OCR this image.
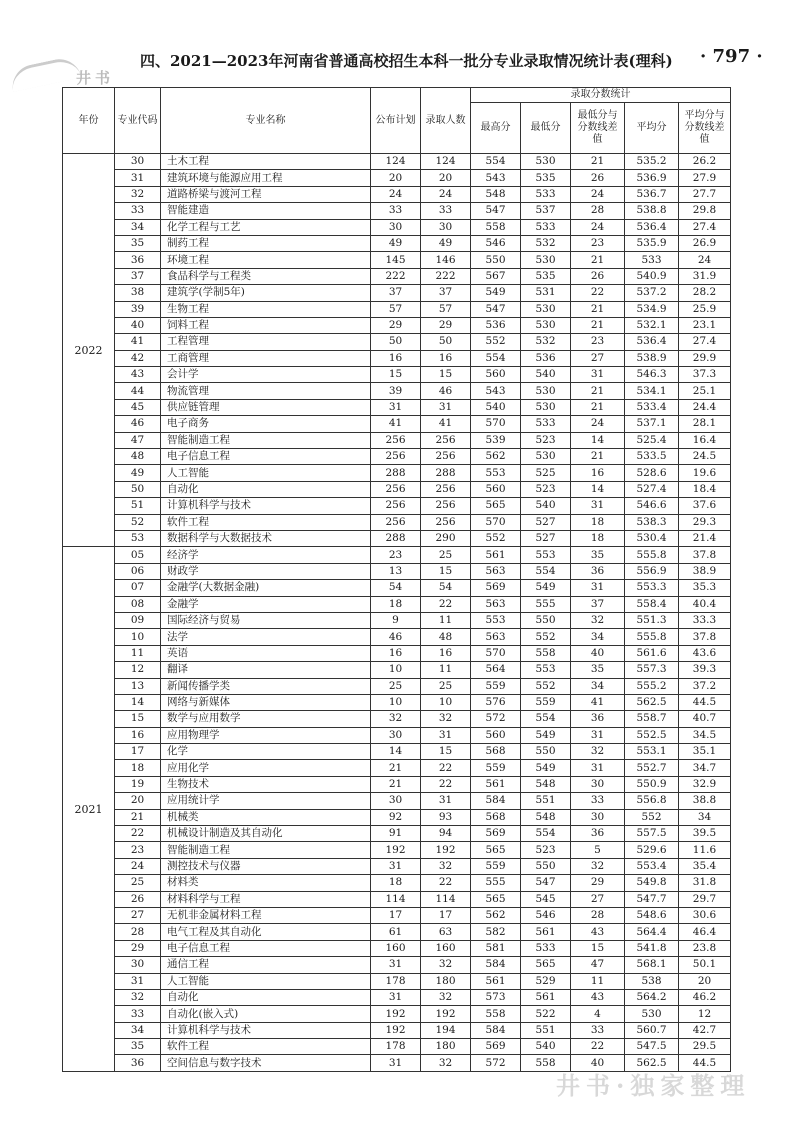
井书
四、2021—2023年河南省普通高校招生本科一批分专业录取情况统计表(理科) · 797 ·
年份	专业代码	专业名称	公布计划	录取人数	录取分数统计				
					最高分	最低分	最低分与分数线差值	平均分	平均分与分数线差值
2022	30	土木工程	124	124	554	530	21	535.2	26.2
	31	建筑环境与能源应用工程	20	20	543	535	26	536.9	27.9
	32	道路桥梁与渡河工程	24	24	548	533	24	536.7	27.7
	33	智能建造	33	33	547	537	28	538.8	29.8
	34	化学工程与工艺	30	30	558	533	24	536.4	27.4
	35	制药工程	49	49	546	532	23	535.9	26.9
	36	环境工程	145	146	550	530	21	533	24
	37	食品科学与工程类	222	222	567	535	26	540.9	31.9
	38	建筑学(学制5年)	37	37	549	531	22	537.2	28.2
	39	生物工程	57	57	547	530	21	534.9	25.9
	40	饲料工程	29	29	536	530	21	532.1	23.1
	41	工程管理	50	50	552	532	23	536.4	27.4
	42	工商管理	16	16	554	536	27	538.9	29.9
	43	会计学	15	15	560	540	31	546.3	37.3
	44	物流管理	39	46	543	530	21	534.1	25.1
	45	供应链管理	31	31	540	530	21	533.4	24.4
	46	电子商务	41	41	570	533	24	537.1	28.1
	47	智能制造工程	256	256	539	523	14	525.4	16.4
	48	电子信息工程	256	256	562	530	21	533.5	24.5
	49	人工智能	288	288	553	525	16	528.6	19.6
	50	自动化	256	256	560	523	14	527.4	18.4
	51	计算机科学与技术	256	256	565	540	31	546.6	37.6
	52	软件工程	256	256	570	527	18	538.3	29.3
	53	数据科学与大数据技术	288	290	552	527	18	530.4	21.4
2021	05	经济学	23	25	561	553	35	555.8	37.8
	06	财政学	13	15	563	554	36	556.9	38.9
	07	金融学(大数据金融)	54	54	569	549	31	553.3	35.3
	08	金融学	18	22	563	555	37	558.4	40.4
	09	国际经济与贸易	9	11	553	550	32	551.3	33.3
	10	法学	46	48	563	552	34	555.8	37.8
	11	英语	16	16	570	558	40	561.6	43.6
	12	翻译	10	11	564	553	35	557.3	39.3
	13	新闻传播学类	25	25	559	552	34	555.2	37.2
	14	网络与新媒体	10	10	576	559	41	562.5	44.5
	15	数学与应用数学	32	32	572	554	36	558.7	40.7
	16	应用物理学	30	31	560	549	31	552.5	34.5
	17	化学	14	15	568	550	32	553.1	35.1
	18	应用化学	21	22	559	549	31	552.7	34.7
	19	生物技术	21	22	561	548	30	550.9	32.9
	20	应用统计学	30	31	584	551	33	556.8	38.8
	21	机械类	92	93	568	548	30	552	34
	22	机械设计制造及其自动化	91	94	569	554	36	557.5	39.5
	23	智能制造工程	192	192	565	523	5	529.6	11.6
	24	测控技术与仪器	31	32	559	550	32	553.4	35.4
	25	材料类	18	22	555	547	29	549.8	31.8
	26	材料科学与工程	114	114	565	545	27	547.7	29.7
	27	无机非金属材料工程	17	17	562	546	28	548.6	30.6
	28	电气工程及其自动化	61	63	582	561	43	564.4	46.4
	29	电子信息工程	160	160	581	533	15	541.8	23.8
	30	通信工程	31	32	584	565	47	568.1	50.1
	31	人工智能	178	180	561	529	11	538	20
	32	自动化	31	32	573	561	43	564.2	46.2
	33	自动化(嵌入式)	192	192	558	522	4	530	12
	34	计算机科学与技术	192	194	584	551	33	560.7	42.7
	35	软件工程	178	180	569	540	22	547.5	29.5
	36	空间信息与数字技术	31	32	572	558	40	562.5	44.5
井书·独家整理
